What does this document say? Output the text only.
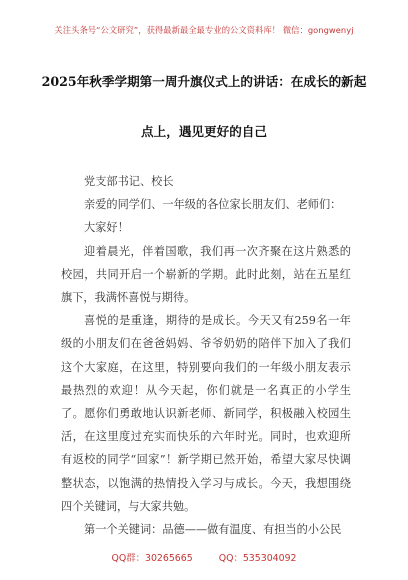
关注头条号“公文研究”，获得最新最全最专业的公文资料库！ 微信：gongwenyj
2025年秋季学期第一周升旗仪式上的讲话：在成长的新起
点上，遇见更好的自己

党支部书记、校长

亲爱的同学们、一年级的各位家长朋友们、老师们：

大家好！

迎着晨光，伴着国歌，我们再一次齐聚在这片熟悉的校园，共同开启一个崭新的学期。此时此刻，站在五星红旗下，我满怀喜悦与期待。

喜悦的是重逢，期待的是成长。今天又有259名一年级的小朋友们在爸爸妈妈、爷爷奶奶的陪伴下加入了我们这个大家庭，在这里，特别要向我们的一年级小朋友表示最热烈的欢迎！从今天起，你们就是一名真正的小学生了。愿你们勇敢地认识新老师、新同学，积极融入校园生活，在这里度过充实而快乐的六年时光。同时，也欢迎所有返校的同学“回家”！新学期已然开始，希望大家尽快调整状态，以饱满的热情投入学习与成长。今天，我想围绕四个关键词，与大家共勉。

第一个关键词：品德——做有温度、有担当的小公民

QQ群：30265665	QQ：535304092
